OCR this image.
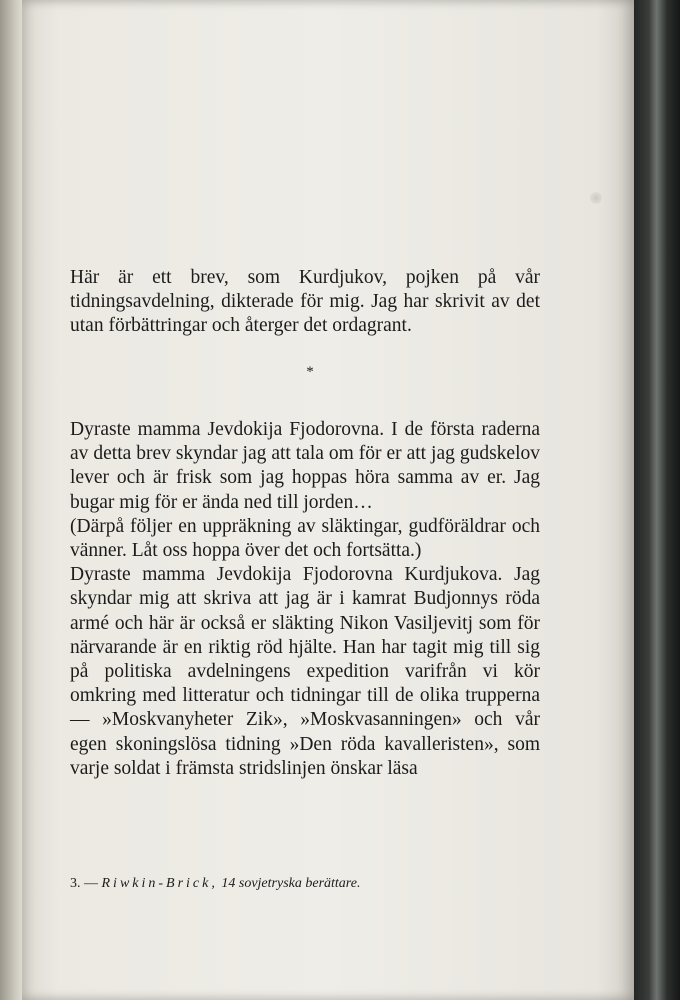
Här är ett brev, som Kurdjukov, pojken på vår tidningsavdelning, dikterade för mig. Jag har skrivit av det utan förbättringar och återger det ordagrant.
*

Dyraste mamma Jevdokija Fjodorovna. I de första raderna av detta brev skyndar jag att tala om för er att jag gudskelov lever och är frisk som jag hoppas höra samma av er. Jag bugar mig för er ända ned till jorden…

(Därpå följer en uppräkning av släktingar, gudföräldrar och vänner. Låt oss hoppa över det och fortsätta.)

Dyraste mamma Jevdokija Fjodorovna Kurdjukova. Jag skyndar mig att skriva att jag är i kamrat Budjonnys röda armé och här är också er släkting Nikon Vasiljevitj som för närvarande är en riktig röd hjälte. Han har tagit mig till sig på politiska avdelningens expedition varifrån vi kör omkring med litteratur och tidningar till de olika trupperna — »Moskvanyheter Zik», »Moskvasanningen» och vår egen skoningslösa tidning »Den röda kavalleristen», som varje soldat i främsta stridslinjen önskar läsa

3. — Riwkin-Brick, 14 sovjetryska berättare.
